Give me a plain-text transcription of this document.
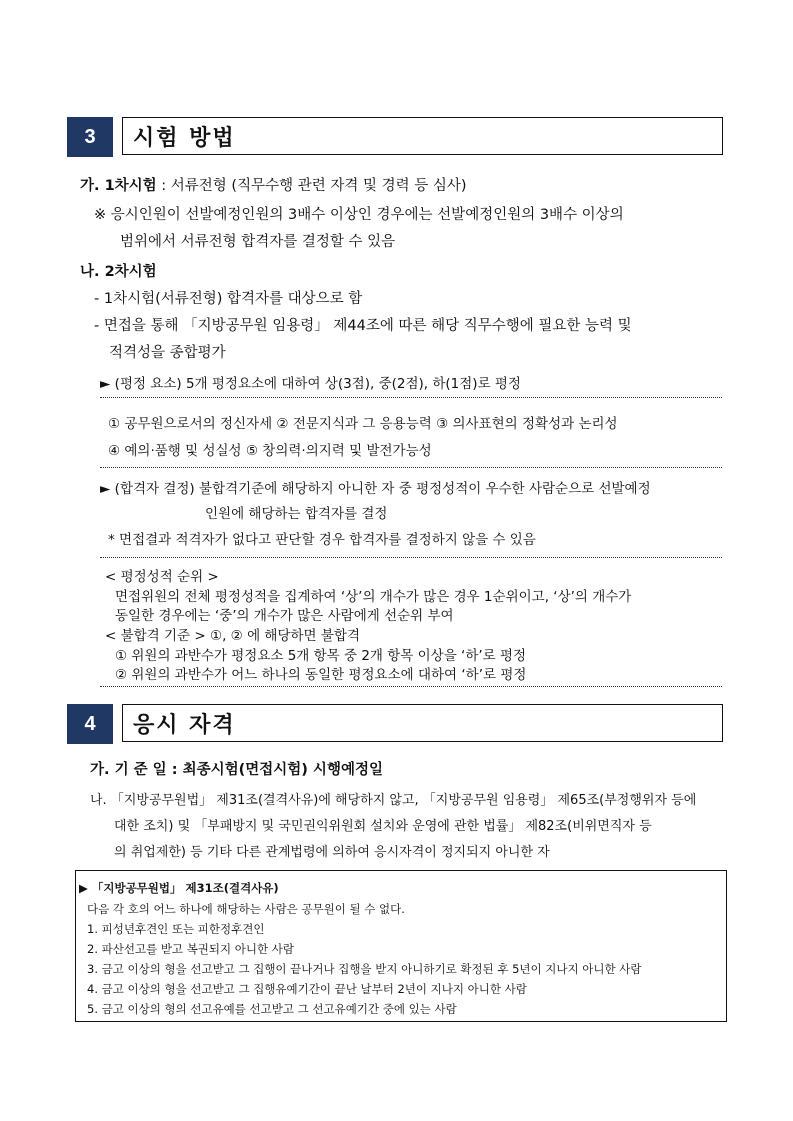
3	시험 방법
가. 1차시험 : 서류전형 (직무수행 관련 자격 및 경력 등 심사)
※ 응시인원이 선발예정인원의 3배수 이상인 경우에는 선발예정인원의 3배수 이상의
범위에서 서류전형 합격자를 결정할 수 있음
나. 2차시험
- 1차시험(서류전형) 합격자를 대상으로 함
- 면접을 통해 「지방공무원 임용령」 제44조에 따른 해당 직무수행에 필요한 능력 및
적격성을 종합평가
► (평정 요소) 5개 평정요소에 대하여 상(3점), 중(2점), 하(1점)로 평정
① 공무원으로서의 정신자세 ② 전문지식과 그 응용능력 ③ 의사표현의 정확성과 논리성
④ 예의·품행 및 성실성 ⑤ 창의력·의지력 및 발전가능성
► (합격자 결정) 불합격기준에 해당하지 아니한 자 중 평정성적이 우수한 사람순으로 선발예정
인원에 해당하는 합격자를 결정
* 면접결과 적격자가 없다고 판단할 경우 합격자를 결정하지 않을 수 있음
< 평정성적 순위 >
면접위원의 전체 평정성적을 집계하여 ‘상’의 개수가 많은 경우 1순위이고, ‘상’의 개수가
동일한 경우에는 ‘중’의 개수가 많은 사람에게 선순위 부여
< 불합격 기준 > ①, ② 에 해당하면 불합격
① 위원의 과반수가 평정요소 5개 항목 중 2개 항목 이상을 ‘하’로 평정
② 위원의 과반수가 어느 하나의 동일한 평정요소에 대하여 ‘하’로 평정
4	응시 자격
가. 기 준 일 : 최종시험(면접시험) 시행예정일
나. 「지방공무원법」 제31조(결격사유)에 해당하지 않고, 「지방공무원 임용령」 제65조(부정행위자 등에
대한 조치) 및 「부패방지 및 국민권익위원회 설치와 운영에 관한 법률」 제82조(비위면직자 등
의 취업제한) 등 기타 다른 관계법령에 의하여 응시자격이 정지되지 아니한 자
▶ 「지방공무원법」 제31조(결격사유)
다음 각 호의 어느 하나에 해당하는 사람은 공무원이 될 수 없다.
1. 피성년후견인 또는 피한정후견인
2. 파산선고를 받고 복권되지 아니한 사람
3. 금고 이상의 형을 선고받고 그 집행이 끝나거나 집행을 받지 아니하기로 확정된 후 5년이 지나지 아니한 사람
4. 금고 이상의 형을 선고받고 그 집행유예기간이 끝난 날부터 2년이 지나지 아니한 사람
5. 금고 이상의 형의 선고유예를 선고받고 그 선고유예기간 중에 있는 사람
